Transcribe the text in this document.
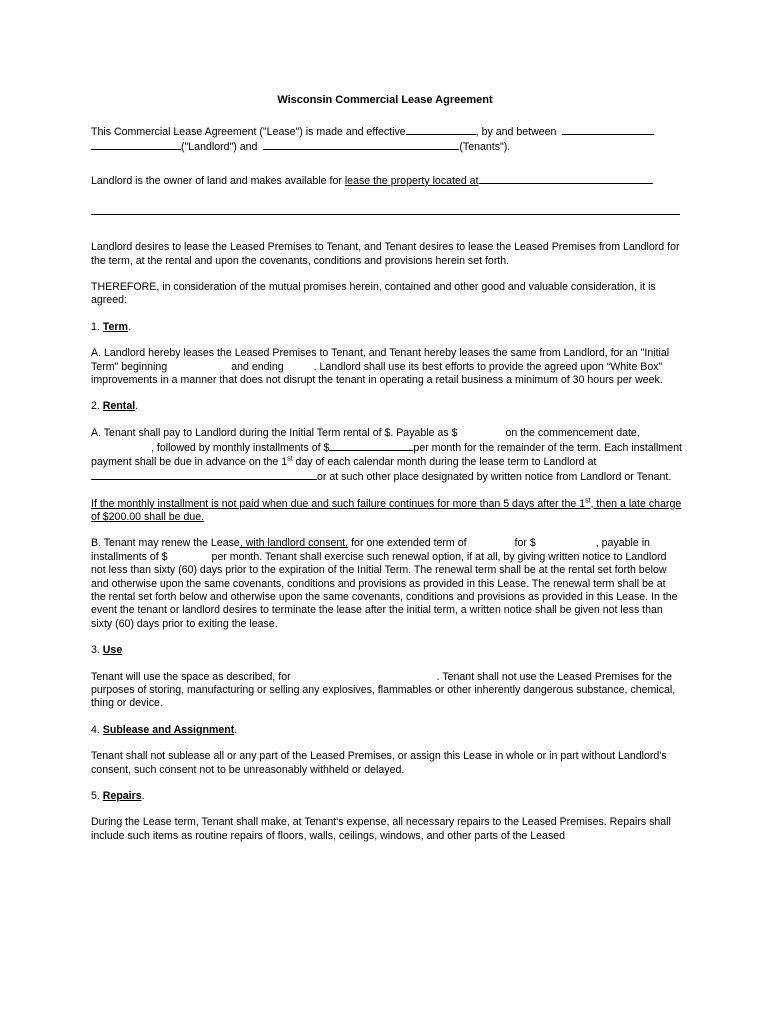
Wisconsin Commercial Lease Agreement

This Commercial Lease Agreement ("Lease") is made and effective	, by and between
("Landlord") and	(Tenants").

Landlord is the owner of land and makes available for lease the property located at

Landlord desires to lease the Leased Premises to Tenant, and Tenant desires to lease the Leased Premises from Landlord for the term, at the rental and upon the covenants, conditions and provisions herein set forth.

THEREFORE, in consideration of the mutual promises herein, contained and other good and valuable consideration, it is agreed:

1. Term.

A. Landlord hereby leases the Leased Premises to Tenant, and Tenant hereby leases the same from Landlord, for an "Initial Term" beginning	and ending	. Landlord shall use its best efforts to provide the agreed upon “White Box” improvements in a manner that does not disrupt the tenant in operating a retail business a minimum of 30 hours per week.

2. Rental.

A. Tenant shall pay to Landlord during the Initial Term rental of $. Payable as $	on the commencement date,, followed by monthly installments of $	per month for the remainder of the term. Each installment payment shall be due in advance on the 1st day of each calendar month during the lease term to Landlord at or at such other place designated by written notice from Landlord or Tenant.

If the monthly installment is not paid when due and such failure continues for more than 5 days after the 1st, then a late charge of $200.00 shall be due.

B. Tenant may renew the Lease, with landlord consent, for one extended term of	for $	, payable in installments of $	per month. Tenant shall exercise such renewal option, if at all, by giving written notice to Landlord not less than sixty (60) days prior to the expiration of the Initial Term. The renewal term shall be at the rental set forth below and otherwise upon the same covenants, conditions and provisions as provided in this Lease. The renewal term shall be at the rental set forth below and otherwise upon the same covenants, conditions and provisions as provided in this Lease. In the event the tenant or landlord desires to terminate the lease after the initial term, a written notice shall be given not less than sixty (60) days prior to exiting the lease.

3. Use

Tenant will use the space as described, for	. Tenant shall not use the Leased Premises for the purposes of storing, manufacturing or selling any explosives, flammables or other inherently dangerous substance, chemical, thing or device.

4. Sublease and Assignment.

Tenant shall not sublease all or any part of the Leased Premises, or assign this Lease in whole or in part without Landlord's consent, such consent not to be unreasonably withheld or delayed.

5. Repairs.

During the Lease term, Tenant shall make, at Tenant's expense, all necessary repairs to the Leased Premises. Repairs shall include such items as routine repairs of floors, walls, ceilings, windows, and other parts of the Leased
